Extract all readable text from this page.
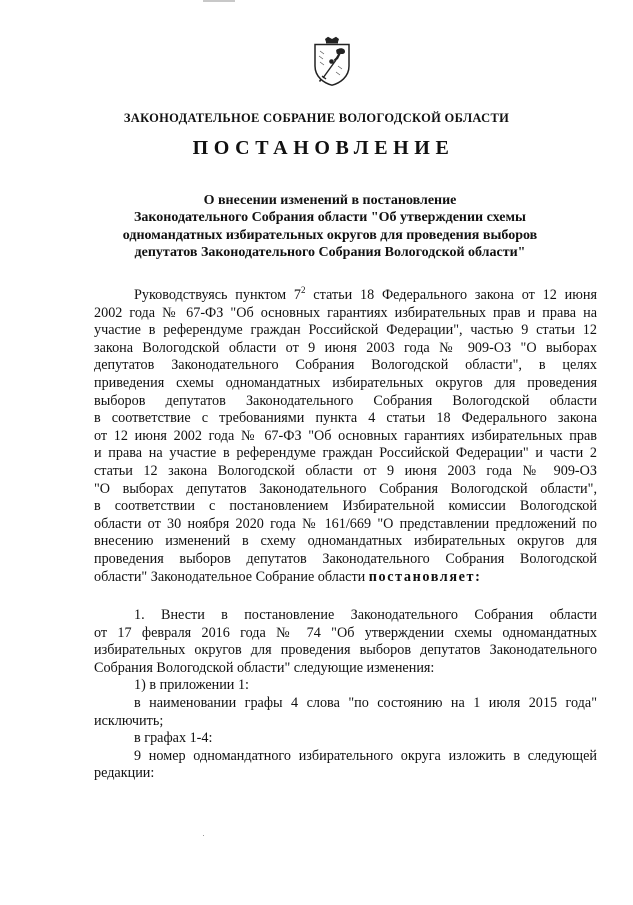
ЗАКОНОДАТЕЛЬНОЕ СОБРАНИЕ ВОЛОГОДСКОЙ ОБЛАСТИ
ПОСТАНОВЛЕНИЕ
О внесении изменений в постановление
Законодательного Собрания области "Об утверждении схемы
одномандатных избирательных округов для проведения выборов
депутатов Законодательного Собрания Вологодской области"
Руководствуясь пунктом $7^2$ статьи 18 Федерального закона от 12 июня
2002 года № 67-ФЗ "Об основных гарантиях избирательных прав и права на
участие в референдуме граждан Российской Федерации", частью 9 статьи 12
закона Вологодской области от 9 июня 2003 года № 909-ОЗ "О выборах
депутатов Законодательного Собрания Вологодской области", в целях
приведения схемы одномандатных избирательных округов для проведения
выборов депутатов Законодательного Собрания Вологодской области
в соответствие с требованиями пункта 4 статьи 18 Федерального закона
от 12 июня 2002 года № 67-ФЗ "Об основных гарантиях избирательных прав
и права на участие в референдуме граждан Российской Федерации" и части 2
статьи 12 закона Вологодской области от 9 июня 2003 года № 909-ОЗ
"О выборах депутатов Законодательного Собрания Вологодской области",
в соответствии с постановлением Избирательной комиссии Вологодской
области от 30 ноября 2020 года № 161/669 "О представлении предложений по
внесению изменений в схему одномандатных избирательных округов для
проведения выборов депутатов Законодательного Собрания Вологодской
области" Законодательное Собрание области постановляет:
1. Внести в постановление Законодательного Собрания области
от 17 февраля 2016 года № 74 "Об утверждении схемы одномандатных
избирательных округов для проведения выборов депутатов Законодательного
Собрания Вологодской области" следующие изменения:
1) в приложении 1:
в наименовании графы 4 слова "по состоянию на 1 июля 2015 года"
исключить;
в графах 1-4:
9 номер одномандатного избирательного округа изложить в следующей
редакции:
